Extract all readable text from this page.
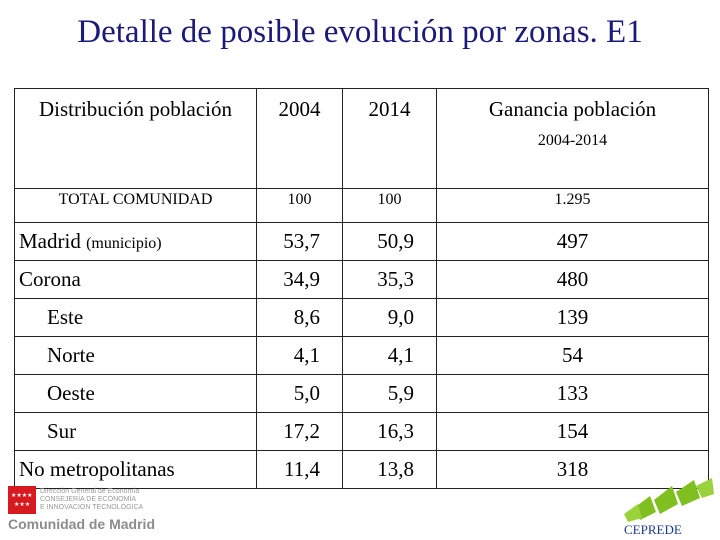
Detalle de posible evolución por zonas. E1
Distribución población	2004	2014	Ganancia población
2004-2014

TOTAL COMUNIDAD	100	100	1.295
Madrid (municipio)	53,7	50,9	497
Corona	34,9	35,3	480
Este	8,6	9,0	139
Norte	4,1	4,1	54
Oeste	5,0	5,9	133
Sur	17,2	16,3	154
No metropolitanas	11,4	13,8	318
★★★★
★★★
Dirección General de Economía
CONSEJERÍA DE ECONOMÍA
E INNOVACIÓN TECNOLÓGICA
Comunidad de Madrid	CEPREDE
